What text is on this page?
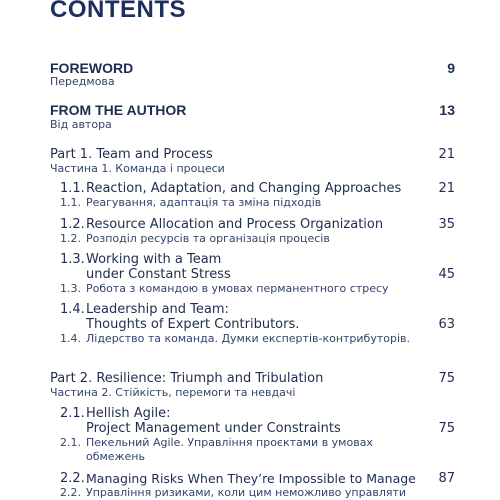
CONTENTS
FOREWORD	9
Передмова
FROM THE AUTHOR	13
Від автора
Part 1. Team and Process	21
Частина 1. Команда і процеси
1.1. Reaction, Adaptation, and Changing Approaches	21
1.1. Реагування, адаптація та зміна підходів
1.2. Resource Allocation and Process Organization	35
1.2. Розподіл ресурсів та організація процесів
1.3. Working with a Team
under Constant Stress	45
1.3. Робота з командою в умовах перманентного стресу
1.4. Leadership and Team:
Thoughts of Expert Contributors.	63
1.4. Лідерство та команда. Думки експертів-контрибуторів.
Part 2. Resilience: Triumph and Tribulation	75
Частина 2. Стійкість, перемоги та невдачі
2.1. Hellish Agile:
Project Management under Constraints	75
2.1. Пекельний Agile. Управління проєктами в умовах
обмежень
2.2. Managing Risks When They’re Impossible to Manage 87
2.2. Управління ризиками, коли цим неможливо управляти
